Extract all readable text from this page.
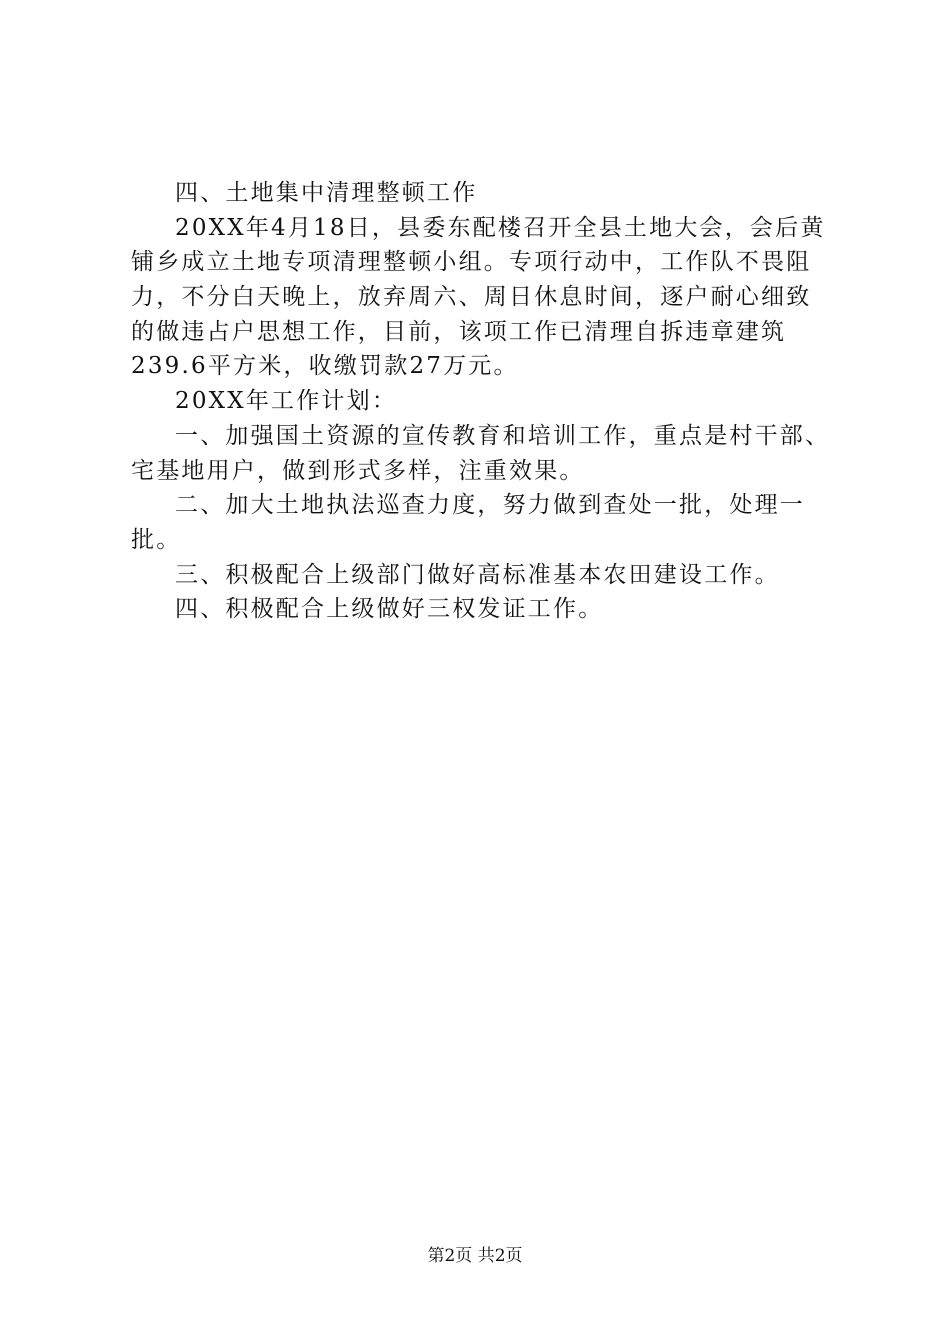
四、土地集中清理整顿工作
20XX年4月18日，县委东配楼召开全县土地大会，会后黄
铺乡成立土地专项清理整顿小组。专项行动中，工作队不畏阻
力，不分白天晚上，放弃周六、周日休息时间，逐户耐心细致
的做违占户思想工作，目前，该项工作已清理自拆违章建筑
239.6平方米，收缴罚款27万元。
20XX年工作计划：
一、加强国土资源的宣传教育和培训工作，重点是村干部、
宅基地用户，做到形式多样，注重效果。
二、加大土地执法巡查力度，努力做到查处一批，处理一
批。
三、积极配合上级部门做好高标准基本农田建设工作。
四、积极配合上级做好三权发证工作。
第2页 共2页
